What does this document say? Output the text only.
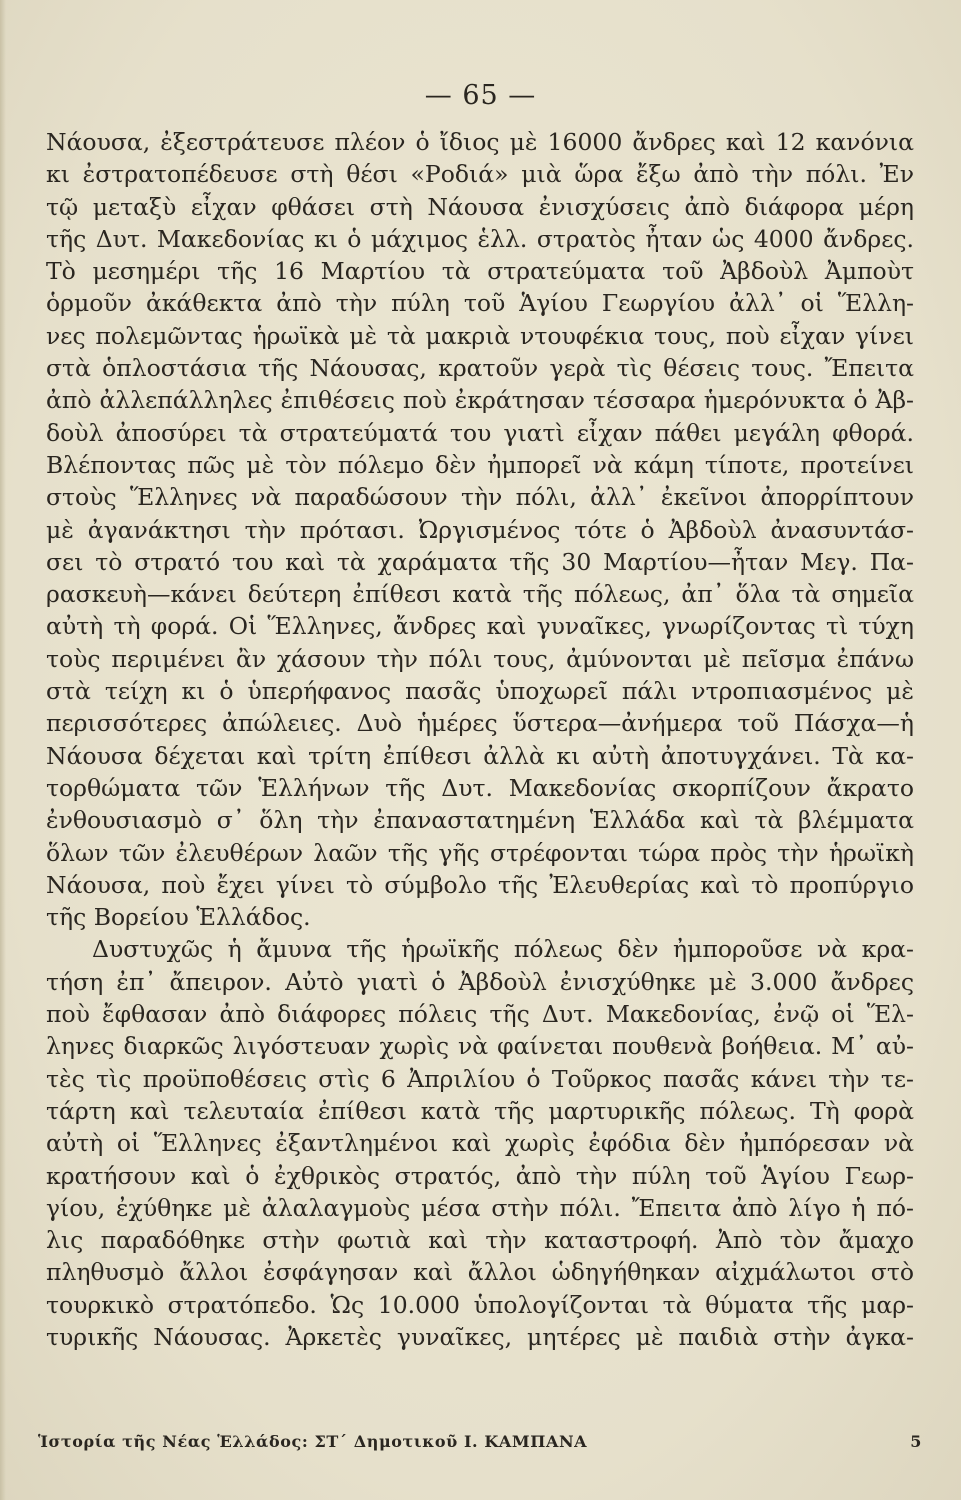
— 65 —
Νάουσα, ἐξεστράτευσε πλέον ὁ ἴδιος μὲ 16000 ἄνδρες καὶ 12 κανόνια
κι ἐστρατοπέδευσε στὴ θέσι «Ροδιά» μιὰ ὥρα ἔξω ἀπὸ τὴν πόλι. Ἐν
τῷ μεταξὺ εἶχαν φθάσει στὴ Νάουσα ἐνισχύσεις ἀπὸ διάφορα μέρη
τῆς Δυτ. Μακεδονίας κι ὁ μάχιμος ἑλλ. στρατὸς ἦταν ὡς 4000 ἄνδρες.
Τὸ μεσημέρι τῆς 16 Μαρτίου τὰ στρατεύματα τοῦ Ἀβδοὺλ Ἀμποὺτ
ὁρμοῦν ἀκάθεκτα ἀπὸ τὴν πύλη τοῦ Ἁγίου Γεωργίου ἀλλ᾽ οἱ Ἕλλη-
νες πολεμῶντας ἡρωϊκὰ μὲ τὰ μακριὰ ντουφέκια τους, ποὺ εἶχαν γίνει
στὰ ὁπλοστάσια τῆς Νάουσας, κρατοῦν γερὰ τὶς θέσεις τους. Ἔπειτα
ἀπὸ ἀλλεπάλληλες ἐπιθέσεις ποὺ ἐκράτησαν τέσσαρα ἡμερόνυκτα ὁ Ἀβ-
δοὺλ ἀποσύρει τὰ στρατεύματά του γιατὶ εἶχαν πάθει μεγάλη φθορά.
Βλέποντας πῶς μὲ τὸν πόλεμο δὲν ἠμπορεῖ νὰ κάμη τίποτε, προτείνει
στοὺς Ἕλληνες νὰ παραδώσουν τὴν πόλι, ἀλλ᾽ ἐκεῖνοι ἀπορρίπτουν
μὲ ἀγανάκτησι τὴν πρότασι. Ὠργισμένος τότε ὁ Ἀβδοὺλ ἀνασυντάσ-
σει τὸ στρατό του καὶ τὰ χαράματα τῆς 30 Μαρτίου—ἦταν Μεγ. Πα-
ρασκευὴ—κάνει δεύτερη ἐπίθεσι κατὰ τῆς πόλεως, ἀπ᾽ ὅλα τὰ σημεῖα
αὐτὴ τὴ φορά. Οἱ Ἕλληνες, ἄνδρες καὶ γυναῖκες, γνωρίζοντας τὶ τύχη
τοὺς περιμένει ἂν χάσουν τὴν πόλι τους, ἀμύνονται μὲ πεῖσμα ἐπάνω
στὰ τείχη κι ὁ ὑπερήφανος πασᾶς ὑποχωρεῖ πάλι ντροπιασμένος μὲ
περισσότερες ἀπώλειες. Δυὸ ἡμέρες ὕστερα—ἀνήμερα τοῦ Πάσχα—ἡ
Νάουσα δέχεται καὶ τρίτη ἐπίθεσι ἀλλὰ κι αὐτὴ ἀποτυγχάνει. Τὰ κα-
τορθώματα τῶν Ἑλλήνων τῆς Δυτ. Μακεδονίας σκορπίζουν ἄκρατο
ἐνθουσιασμὸ σ᾽ ὅλη τὴν ἐπαναστατημένη Ἑλλάδα καὶ τὰ βλέμματα
ὅλων τῶν ἐλευθέρων λαῶν τῆς γῆς στρέφονται τώρα πρὸς τὴν ἡρωϊκὴ
Νάουσα, ποὺ ἔχει γίνει τὸ σύμβολο τῆς Ἐλευθερίας καὶ τὸ προπύργιο
τῆς Βορείου Ἑλλάδος.
Δυστυχῶς ἡ ἄμυνα τῆς ἡρωϊκῆς πόλεως δὲν ἠμποροῦσε νὰ κρα-
τήση ἐπ᾽ ἄπειρον. Αὐτὸ γιατὶ ὁ Ἀβδοὺλ ἐνισχύθηκε μὲ 3.000 ἄνδρες
ποὺ ἔφθασαν ἀπὸ διάφορες πόλεις τῆς Δυτ. Μακεδονίας, ἐνῷ οἱ Ἕλ-
ληνες διαρκῶς λιγόστευαν χωρὶς νὰ φαίνεται πουθενὰ βοήθεια. Μ᾽ αὐ-
τὲς τὶς προϋποθέσεις στὶς 6 Ἀπριλίου ὁ Τοῦρκος πασᾶς κάνει τὴν τε-
τάρτη καὶ τελευταία ἐπίθεσι κατὰ τῆς μαρτυρικῆς πόλεως. Τὴ φορὰ
αὐτὴ οἱ Ἕλληνες ἐξαντλημένοι καὶ χωρὶς ἐφόδια δὲν ἠμπόρεσαν νὰ
κρατήσουν καὶ ὁ ἐχθρικὸς στρατός, ἀπὸ τὴν πύλη τοῦ Ἁγίου Γεωρ-
γίου, ἐχύθηκε μὲ ἀλαλαγμοὺς μέσα στὴν πόλι. Ἔπειτα ἀπὸ λίγο ἡ πό-
λις παραδόθηκε στὴν φωτιὰ καὶ τὴν καταστροφή. Ἀπὸ τὸν ἄμαχο
πληθυσμὸ ἄλλοι ἐσφάγησαν καὶ ἄλλοι ὡδηγήθηκαν αἰχμάλωτοι στὸ
τουρκικὸ στρατόπεδο. Ὡς 10.000 ὑπολογίζονται τὰ θύματα τῆς μαρ-
τυρικῆς Νάουσας. Ἀρκετὲς γυναῖκες, μητέρες μὲ παιδιὰ στὴν ἀγκα-
Ἱστορία τῆς Νέας Ἑλλάδος: ΣΤ΄ Δημοτικοῦ Ι. ΚΑΜΠΑΝΑ	5
